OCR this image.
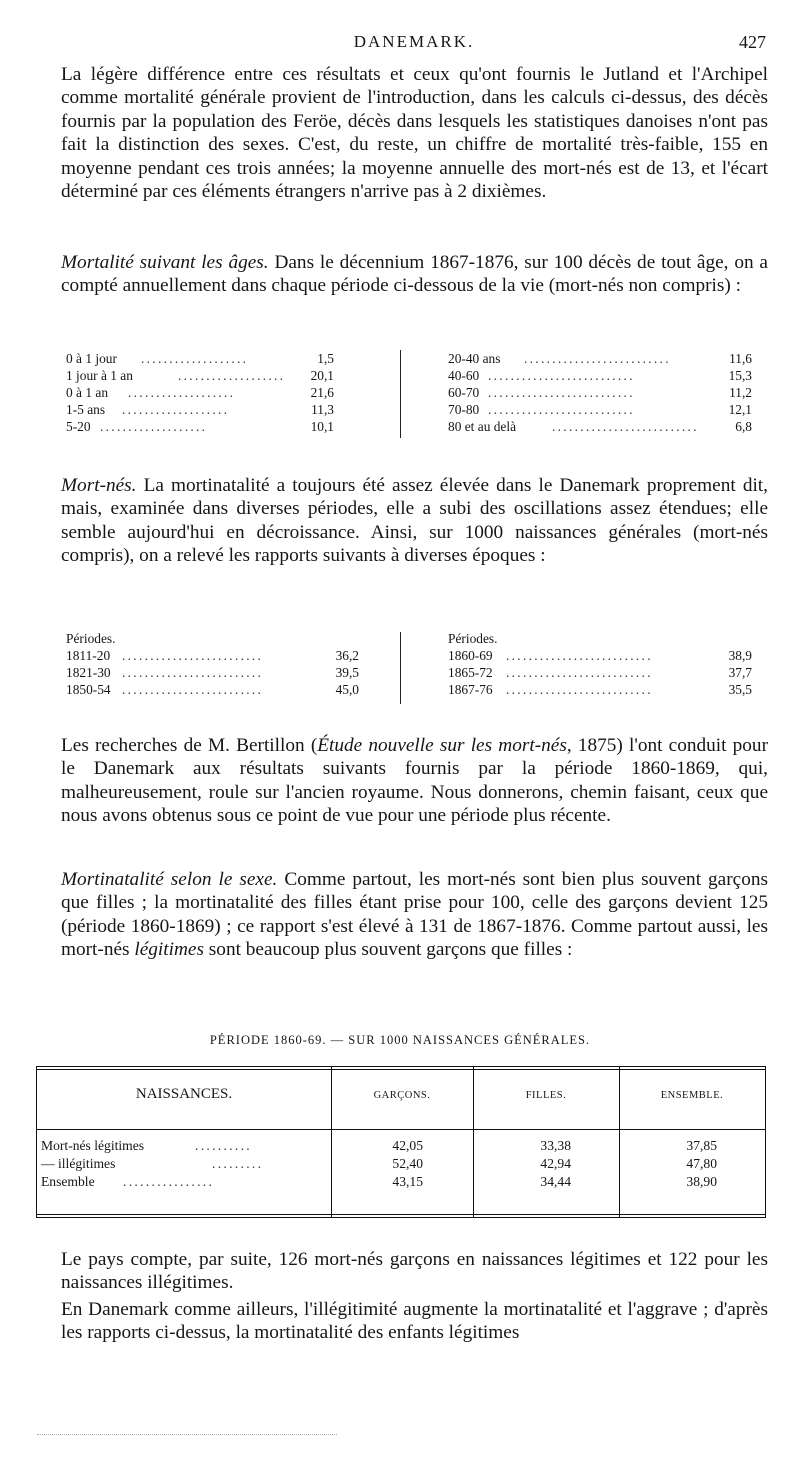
DANEMARK.	427

La légère différence entre ces résultats et ceux qu'ont fournis le Jutland et l'Archipel comme mortalité générale provient de l'introduction, dans les calculs ci-dessus, des décès fournis par la population des Feröe, décès dans lesquels les statistiques danoises n'ont pas fait la distinction des sexes. C'est, du reste, un chiffre de mortalité très-faible, 155 en moyenne pendant ces trois années; la moyenne annuelle des mort-nés est de 13, et l'écart déterminé par ces éléments étrangers n'arrive pas à 2 dixièmes.

Mortalité suivant les âges. Dans le décennium 1867-1876, sur 100 décès de tout âge, on a compté annuellement dans chaque période ci-dessous de la vie (mort-nés non compris) :

0 à 1 jour ...................	1,5
1 jour à 1 an	...................	20,1
0 à 1 an ...................	21,6
1-5 ans ...................	11,3
5-20 ...................	10,1
20-40 ans ..........................	11,6
40-60 ..........................	15,3
60-70 ..........................	11,2
70-80 ..........................	12,1
80 et au delà	..........................	6,8

Mort-nés. La mortinatalité a toujours été assez élevée dans le Danemark proprement dit, mais, examinée dans diverses périodes, elle a subi des oscillations assez étendues; elle semble aujourd'hui en décroissance. Ainsi, sur 1000 naissances générales (mort-nés compris), on a relevé les rapports suivants à diverses époques :

Périodes.
1811-20 .........................	36,2
1821-30 .........................	39,5
1850-54 .........................	45,0
Périodes.
1860-69 ..........................	38,9
1865-72 ..........................	37,7
1867-76 ..........................	35,5

Les recherches de M. Bertillon (Étude nouvelle sur les mort-nés, 1875) l'ont conduit pour le Danemark aux résultats suivants fournis par la période 1860-1869, qui, malheureusement, roule sur l'ancien royaume. Nous donnerons, chemin faisant, ceux que nous avons obtenus sous ce point de vue pour une période plus récente.

Mortinatalité selon le sexe. Comme partout, les mort-nés sont bien plus souvent garçons que filles ; la mortinatalité des filles étant prise pour 100, celle des garçons devient 125 (période 1860-1869) ; ce rapport s'est élevé à 131 de 1867-1876. Comme partout aussi, les mort-nés légitimes sont beaucoup plus souvent garçons que filles :

PÉRIODE 1860-69. — SUR 1000 NAISSANCES GÉNÉRALES.
NAISSANCES.	GARÇONS.	FILLES.	ENSEMBLE.
Mort-nés légitimes	..........	42,05	33,38	37,85
— illégitimes	.........	52,40	42,94	47,80
Ensemble ................	43,15	34,44	38,90

Le pays compte, par suite, 126 mort-nés garçons en naissances légitimes et 122 pour les naissances illégitimes.

En Danemark comme ailleurs, l'illégitimité augmente la mortinatalité et l'aggrave ; d'après les rapports ci-dessus, la mortinatalité des enfants légitimes
